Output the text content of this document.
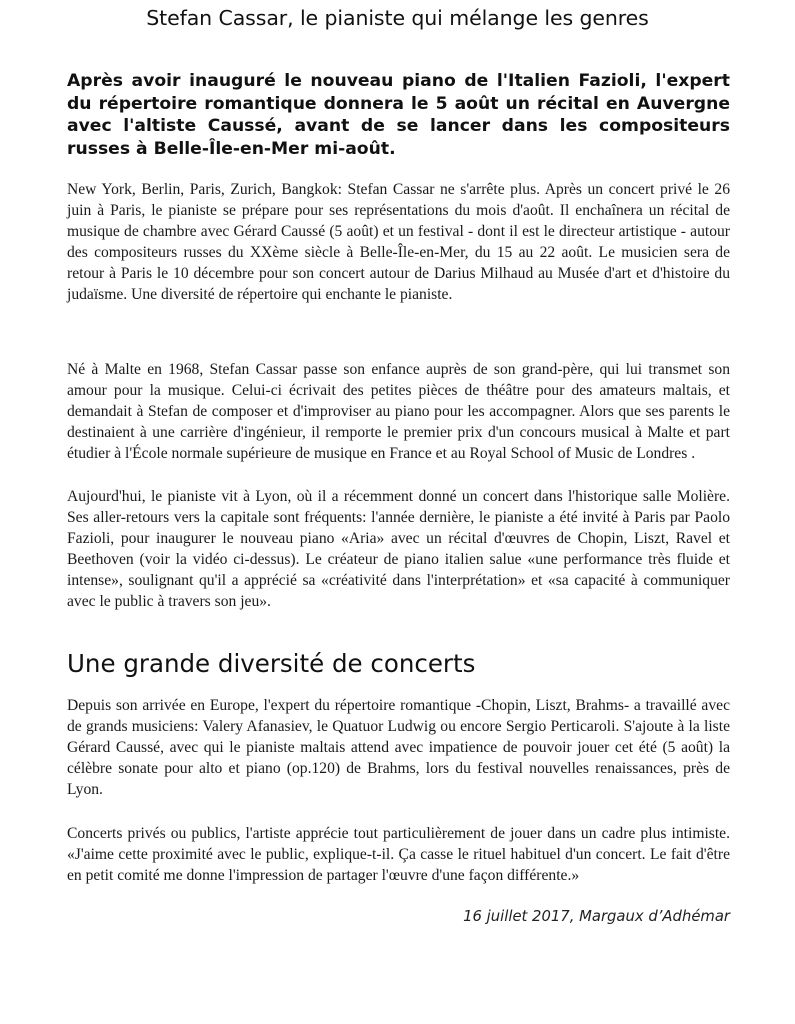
Stefan Cassar, le pianiste qui mélange les genres

Après avoir inauguré le nouveau piano de l'Italien Fazioli, l'expert du répertoire romantique donnera le 5 août un récital en Auvergne avec l'altiste Caussé, avant de se lancer dans les compositeurs russes à Belle-Île-en-Mer mi-août.

New York, Berlin, Paris, Zurich, Bangkok: Stefan Cassar ne s'arrête plus. Après un concert privé le 26 juin à Paris, le pianiste se prépare pour ses représentations du mois d'août. Il enchaînera un récital de musique de chambre avec Gérard Caussé (5 août) et un festival - dont il est le directeur artistique - autour des compositeurs russes du XXème siècle à Belle-Île-en-Mer, du 15 au 22 août. Le musicien sera de retour à Paris le 10 décembre pour son concert autour de Darius Milhaud au Musée d'art et d'histoire du judaïsme. Une diversité de répertoire qui enchante le pianiste.

Né à Malte en 1968, Stefan Cassar passe son enfance auprès de son grand-père, qui lui transmet son amour pour la musique. Celui-ci écrivait des petites pièces de théâtre pour des amateurs maltais, et demandait à Stefan de composer et d'improviser au piano pour les accompagner. Alors que ses parents le destinaient à une carrière d'ingénieur, il remporte le premier prix d'un concours musical à Malte et part étudier à l'École normale supérieure de musique en France et au Royal School of Music de Londres .

Aujourd'hui, le pianiste vit à Lyon, où il a récemment donné un concert dans l'historique salle Molière. Ses aller-retours vers la capitale sont fréquents: l'année dernière, le pianiste a été invité à Paris par Paolo Fazioli, pour inaugurer le nouveau piano «Aria» avec un récital d'œuvres de Chopin, Liszt, Ravel et Beethoven (voir la vidéo ci-dessus). Le créateur de piano italien salue «une performance très fluide et intense», soulignant qu'il a apprécié sa «créativité dans l'interprétation» et «sa capacité à communiquer avec le public à travers son jeu».

Une grande diversité de concerts

Depuis son arrivée en Europe, l'expert du répertoire romantique -Chopin, Liszt, Brahms- a travaillé avec de grands musiciens: Valery Afanasiev, le Quatuor Ludwig ou encore Sergio Perticaroli. S'ajoute à la liste Gérard Caussé, avec qui le pianiste maltais attend avec impatience de pouvoir jouer cet été (5 août) la célèbre sonate pour alto et piano (op.120) de Brahms, lors du festival nouvelles renaissances, près de Lyon.

Concerts privés ou publics, l'artiste apprécie tout particulièrement de jouer dans un cadre plus intimiste. «J'aime cette proximité avec le public, explique-t-il. Ça casse le rituel habituel d'un concert. Le fait d'être en petit comité me donne l'impression de partager l'œuvre d'une façon différente.»

16 juillet 2017, Margaux d’Adhémar
